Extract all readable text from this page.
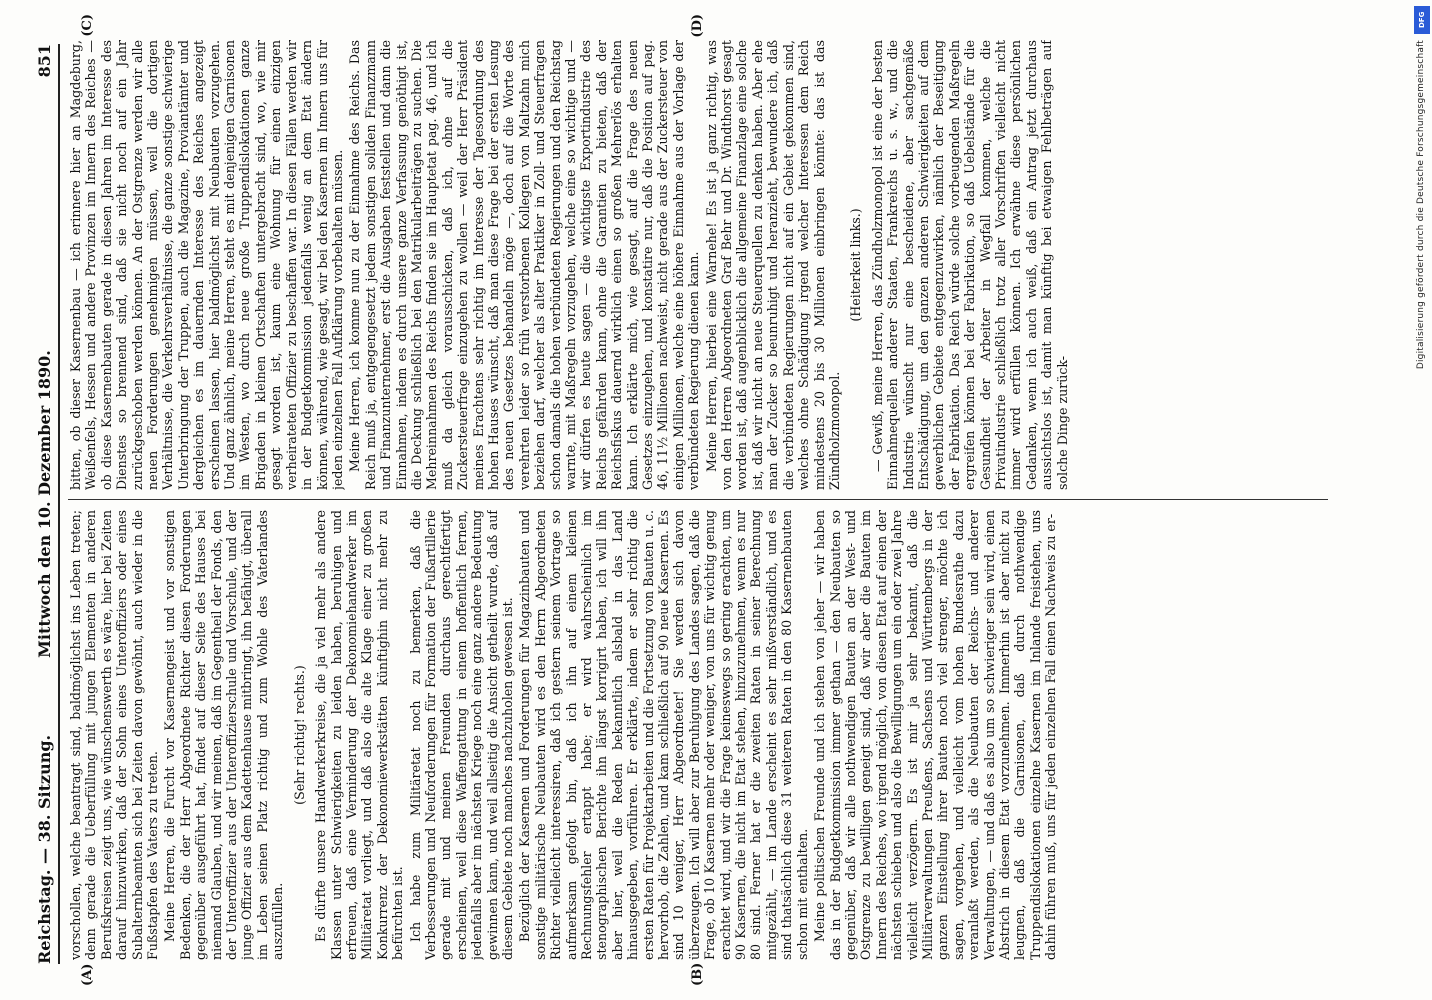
Reichstag. — 38. Sitzung.
Mittwoch den 10. Dezember 1890.
851
(A)	(B)
(C)	(D)

vorschollen, welche beantragt sind, baldmöglichst ins Leben treten; denn gerade die Ueberfüllung mit jungen Elementen in anderen Berufskreisen zeigt uns, wie wünschenswerth es wäre, hier bei Zeiten darauf hinzuwirken, daß der Sohn eines Unteroffiziers oder eines Subalternbeamten sich bei Zeiten davon gewöhnt, auch wieder in die Fußstapfen des Vaters zu treten. Meine Herren, die Furcht vor Kasernengeist und vor sonstigen Bedenken, die der Herr Abgeordnete Richter diesen Forderungen gegenüber ausgeführt hat, findet auf dieser Seite des Hauses bei niemand Glauben, und wir meinen, daß im Gegentheil der Fonds, den der Unteroffizier aus der Unteroffizierschule und Vorschule, und der junge Offizier aus dem Kadettenhause mitbringt, ihn befähigt, überall im Leben seinen Platz richtig und zum Wohle des Vaterlandes auszufüllen.

(Sehr richtig! rechts.) Es dürfte unsere Handwerkerkreise, die ja viel mehr als andere Klassen unter Schwierigkeiten zu leiden haben, beruhigen und erfreuen, daß eine Verminderung der Dekonomiehandwerker im Militäretat vorliegt, und daß also die alte Klage einer zu großen Konkurrenz der Dekonomiewerkstätten künftighin nicht mehr zu befürchten ist. Ich habe zum Militäretat noch zu bemerken, daß die Verbesserungen und Neuforderungen für Formation der Fußartillerie gerade mit und meinen Freunden durchaus gerechtfertigt erscheinen, weil diese Waffengattung in einem hoffentlich fernen, jedenfalls aber im nächsten Kriege noch eine ganz andere Bedeutung gewinnen kann, und weil allseitig die Ansicht getheilt wurde, daß auf diesem Gebiete noch manches nachzuholen gewesen ist. Bezüglich der Kasernen und Forderungen für Magazinbauten und sonstige militärische Neubauten wird es den Herrn Abgeordneten Richter vielleicht interessiren, daß ich gestern seinem Vortrage so aufmerksam gefolgt bin, daß ich ihn auf einem kleinen Rechnungsfehler ertappt habe; er wird wahrscheinlich im stenographischen Berichte ihn längst korrigirt haben, ich will ihn aber hier, weil die Reden bekanntlich alsbald in das Land hinausgegeben, vorführen. Er erklärte, indem er sehr richtig die ersten Raten für Projektarbeiten und die Fortsetzung von Bauten u. c. hervorhob, die Zahlen, und kam schließlich auf 90 neue Kasernen. Es sind 10 weniger, Herr Abgeordneter! Sie werden sich davon überzeugen. Ich will aber zur Beruhigung des Landes sagen, daß die Frage, ob 10 Kasernen mehr oder weniger, von uns für wichtig genug erachtet wird, und wir die Frage keineswegs so gering erachten, um 90 Kasernen, die nicht im Etat stehen, hinzuzunehmen, wenn es nur 80 sind. Ferner hat er die zweiten Raten in seiner Berechnung mitgezählt, — im Lande erscheint es sehr mißverständlich, und es sind thatsächlich diese 31 weiteren Raten in den 80 Kasernenbauten schon mit enthalten. Meine politischen Freunde und ich stehen von jeher — wir haben das in der Budgetkommission immer gethan — den Neubauten so gegenüber, daß wir alle nothwendigen Bauten an der West- und Ostgrenze zu bewilligen geneigt sind, daß wir aber die Bauten im Innern des Reiches, wo irgend möglich, von diesen Etat auf einen der nächsten schieben und also die Bewilligungen um ein oder zwei Jahre vielleicht verzögern. Es ist mir ja sehr bekannt, daß die Militärverwaltungen Preußens, Sachsens und Württembergs in der ganzen Einstellung ihrer Bauten noch viel strenger, möchte ich sagen, vorgehen, und vielleicht vom hohen Bundesrathe dazu veranlaßt werden, als die Neubauten der Reichs- und anderer Verwaltungen, — und daß es also um so schwieriger sein wird, einen Abstrich in diesem Etat vorzunehmen. Immerhin ist aber nicht zu leugnen, daß die Garnisonen, daß durch nothwendige Truppendislokationen einzelne Kasernen im Inlande freistehen, uns dahin führen muß, uns für jeden einzelnen Fall einen Nachweis zu er-

bitten, ob dieser Kasernenbau — ich erinnere hier an Magdeburg, Weißenfels, Hessen und andere Provinzen im Innern des Reiches — ob diese Kasernenbauten gerade in diesen Jahren im Interesse des Dienstes so brennend sind, daß sie nicht noch auf ein Jahr zurückgeschoben werden können. An der Ostgrenze werden wir alle neuen Forderungen genehmigen müssen, weil die dortigen Verhältnisse, die Verkehrsverhältnisse, die ganze sonstige schwierige Unterbringung der Truppen, auch die Magazine, Proviantämter und dergleichen es im dauernden Interesse des Reiches angezeigt erscheinen lassen, hier baldmöglichst mit Neubauten vorzugehen. Und ganz ähnlich, meine Herren, steht es mit denjenigen Garnisonen im Westen, wo durch neue große Truppendislokationen ganze Brigaden in kleinen Ortschaften untergebracht sind, wo, wie mir gesagt worden ist, kaum eine Wohnung für einen einzigen verheirateten Offizier zu beschaffen war. In diesen Fällen werden wir in der Budgetkommission jedenfalls wenig an dem Etat ändern können, während, wie gesagt, wir bei den Kasernen im Innern uns für jeden einzelnen Fall Aufklärung vorbehalten müssen. Meine Herren, ich komme nun zu der Einnahme des Reichs. Das Reich muß ja, entgegengesetzt jedem sonstigen soliden Finanzmann und Finanzunternehmer, erst die Ausgaben feststellen und dann die Einnahmen, indem es durch unsere ganze Verfassung genöthigt ist, die Deckung schließlich bei den Matrikularbeiträgen zu suchen. Die Mehreinnahmen des Reichs finden sie im Hauptetat pag. 46, und ich muß da gleich vorausschicken, daß ich, ohne auf die Zuckersteuerfrage einzugehen zu wollen — weil der Herr Präsident meines Erachtens sehr richtig im Interesse der Tagesordnung des hohen Hauses wünscht, daß man diese Frage bei der ersten Lesung des neuen Gesetzes behandeln möge —, doch auf die Worte des verehrten leider so früh verstorbenen Kollegen von Maltzahn mich beziehen darf, welcher als alter Praktiker in Zoll- und Steuerfragen schon damals die hohen verbündeten Regierungen und den Reichstag warnte, mit Maßregeln vorzugehen, welche eine so wichtige und — wir dürfen es heute sagen — die wichtigste Exportindustrie des Reichs gefährden kann, ohne die Garantien zu bieten, daß der Reichsfiskus dauernd wirklich einen so großen Mehrerlös erhalten kann. Ich erklärte mich, wie gesagt, auf die Frage des neuen Gesetzes einzugehen, und konstatire nur, daß die Position auf pag. 46, 11½ Millionen nachweist, nicht gerade aus der Zuckersteuer von einigen Millionen, welche eine höhere Einnahme aus der Vorlage der verbündeten Regierung dienen kann. Meine Herren, hierbei eine Warnehe! Es ist ja ganz richtig, was von den Herren Abgeordneten Graf Behr und Dr. Windthorst gesagt worden ist, daß augenblicklich die allgemeine Finanzlage eine solche ist, daß wir nicht an neue Steuerquellen zu denken haben. Aber ehe man der Zucker so beunruhigt und heranzieht, bewundere ich, daß die verbündeten Regierungen nicht auf ein Gebiet gekommen sind, welches ohne Schädigung irgend welcher Interessen dem Reich mindestens 20 bis 30 Millionen einbringen könnte: das ist das Zündholzmonopol.

(Heiterkeit links.) — Gewiß, meine Herren, das Zündholzmonopol ist eine der besten Einnahmequellen anderer Staaten, Frankreichs u. s. w., und die Industrie wünscht nur eine bescheidene, aber sachgemäße Entschädigung, um den ganzen anderen Schwierigkeiten auf dem gewerblichen Gebiete entgegenzuwirken, nämlich der Beseitigung der Fabrikation. Das Reich würde solche vorbeugenden Maßregeln ergreifen können bei der Fabrikation, so daß Uebelstände für die Gesundheit der Arbeiter in Wegfall kommen, welche die Privatindustrie schließlich trotz aller Vorschriften vielleicht nicht immer wird erfüllen können. Ich erwähne diese persönlichen Gedanken, wenn ich auch weiß, daß ein Antrag jetzt durchaus aussichtslos ist, damit man künftig bei etwaigen Fehlbeträgen auf solche Dinge zurück-

DFG
Digitalisierung gefördert durch die Deutsche Forschungsgemeinschaft
